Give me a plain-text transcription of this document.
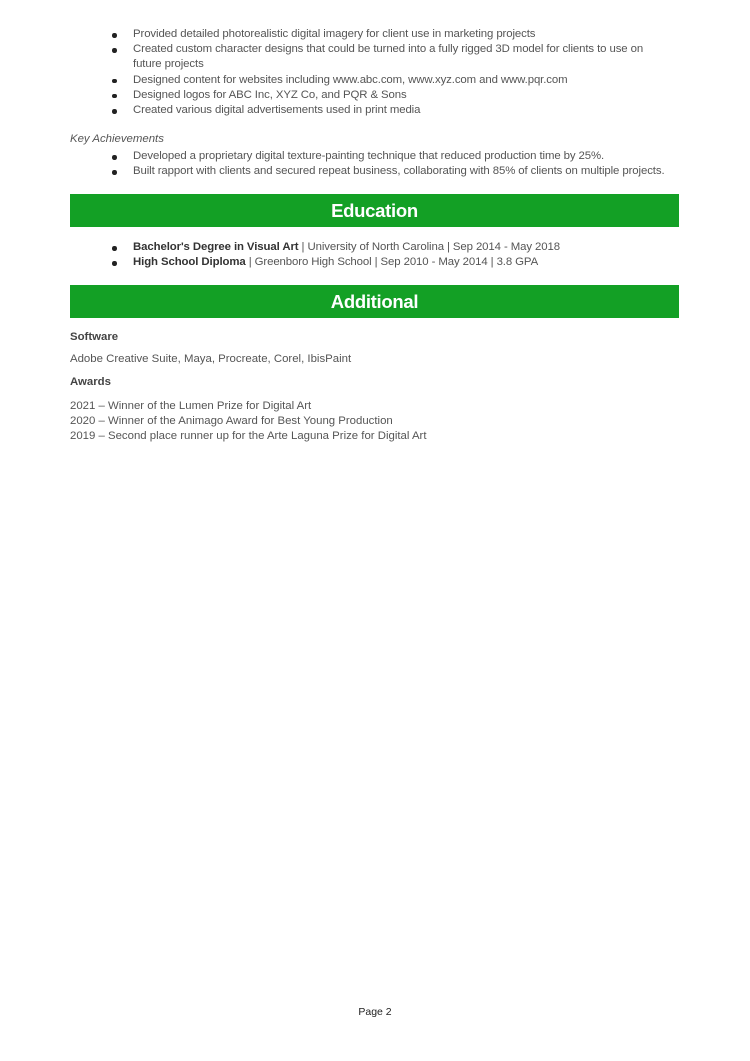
Provided detailed photorealistic digital imagery for client use in marketing projects
Created custom character designs that could be turned into a fully rigged 3D model for clients to use on future projects
Designed content for websites including www.abc.com, www.xyz.com and www.pqr.com
Designed logos for ABC Inc, XYZ Co, and PQR & Sons
Created various digital advertisements used in print media
Key Achievements
Developed a proprietary digital texture-painting technique that reduced production time by 25%.
Built rapport with clients and secured repeat business, collaborating with 85% of clients on multiple projects.
Education
Bachelor's Degree in Visual Art | University of North Carolina | Sep 2014 - May 2018
High School Diploma | Greenboro High School | Sep 2010 - May 2014 | 3.8 GPA
Additional
Software
Adobe Creative Suite, Maya, Procreate, Corel, IbisPaint
Awards
2021 – Winner of the Lumen Prize for Digital Art
2020 – Winner of the Animago Award for Best Young Production
2019 – Second place runner up for the Arte Laguna Prize for Digital Art
Page 2
